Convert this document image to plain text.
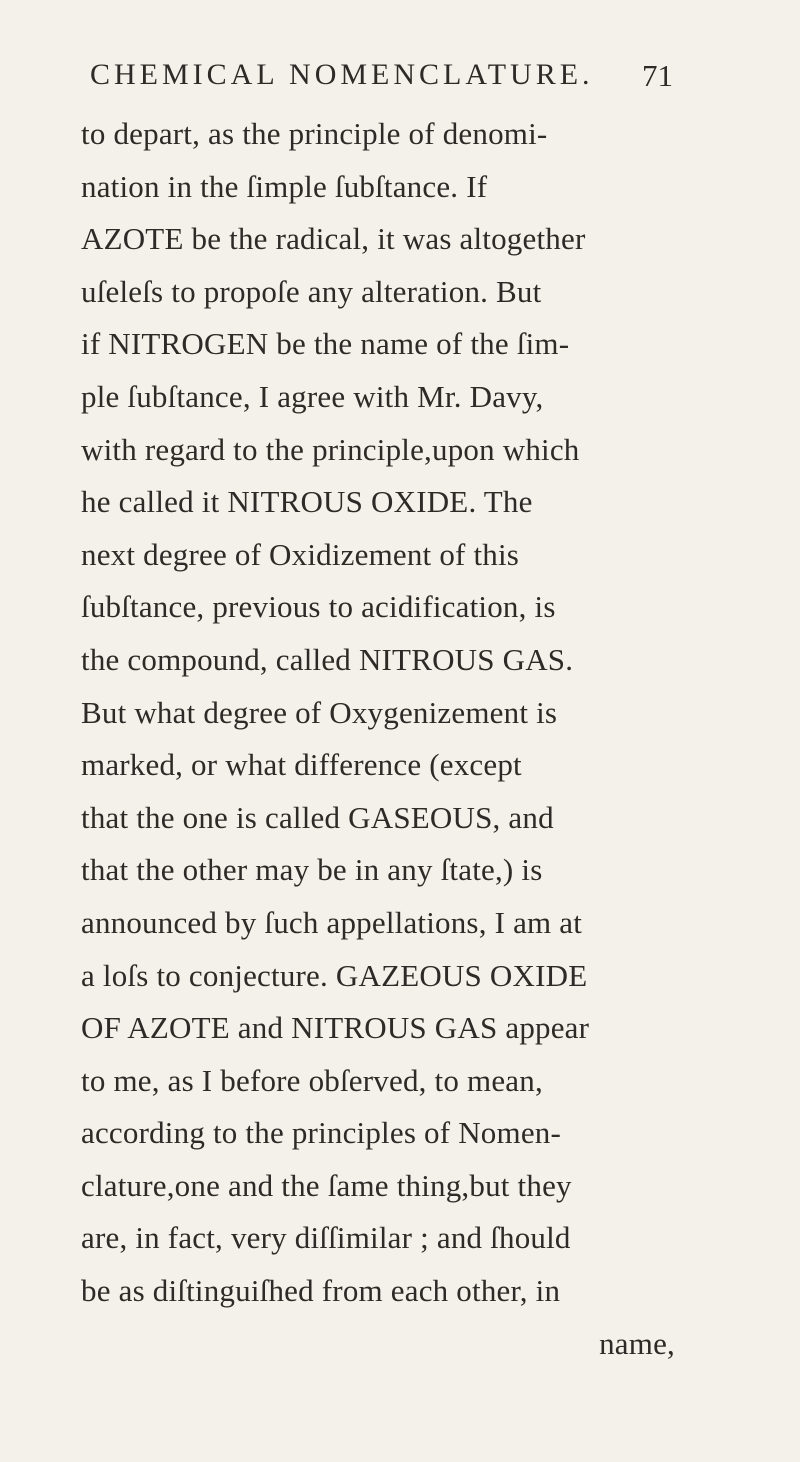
CHEMICAL NOMENCLATURE.	71
to depart, as the principle of denomi-
nation in the ſimple ſubſtance. If
AZOTE be the radical, it was altogether
uſeleſs to propoſe any alteration. But
if NITROGEN be the name of the ſim-
ple ſubſtance, I agree with Mr. Davy,
with regard to the principle,upon which
he called it NITROUS OXIDE. The
next degree of Oxidizement of this
ſubſtance, previous to acidification, is
the compound, called NITROUS GAS.
But what degree of Oxygenizement is
marked, or what difference (except
that the one is called GASEOUS, and
that the other may be in any ſtate,) is
announced by ſuch appellations, I am at
a loſs to conjecture. GAZEOUS OXIDE
OF AZOTE and NITROUS GAS appear
to me, as I before obſerved, to mean,
according to the principles of Nomen-
clature,one and the ſame thing,but they
are, in fact, very diſſimilar ; and ſhould
be as diſtinguiſhed from each other, in
name,
